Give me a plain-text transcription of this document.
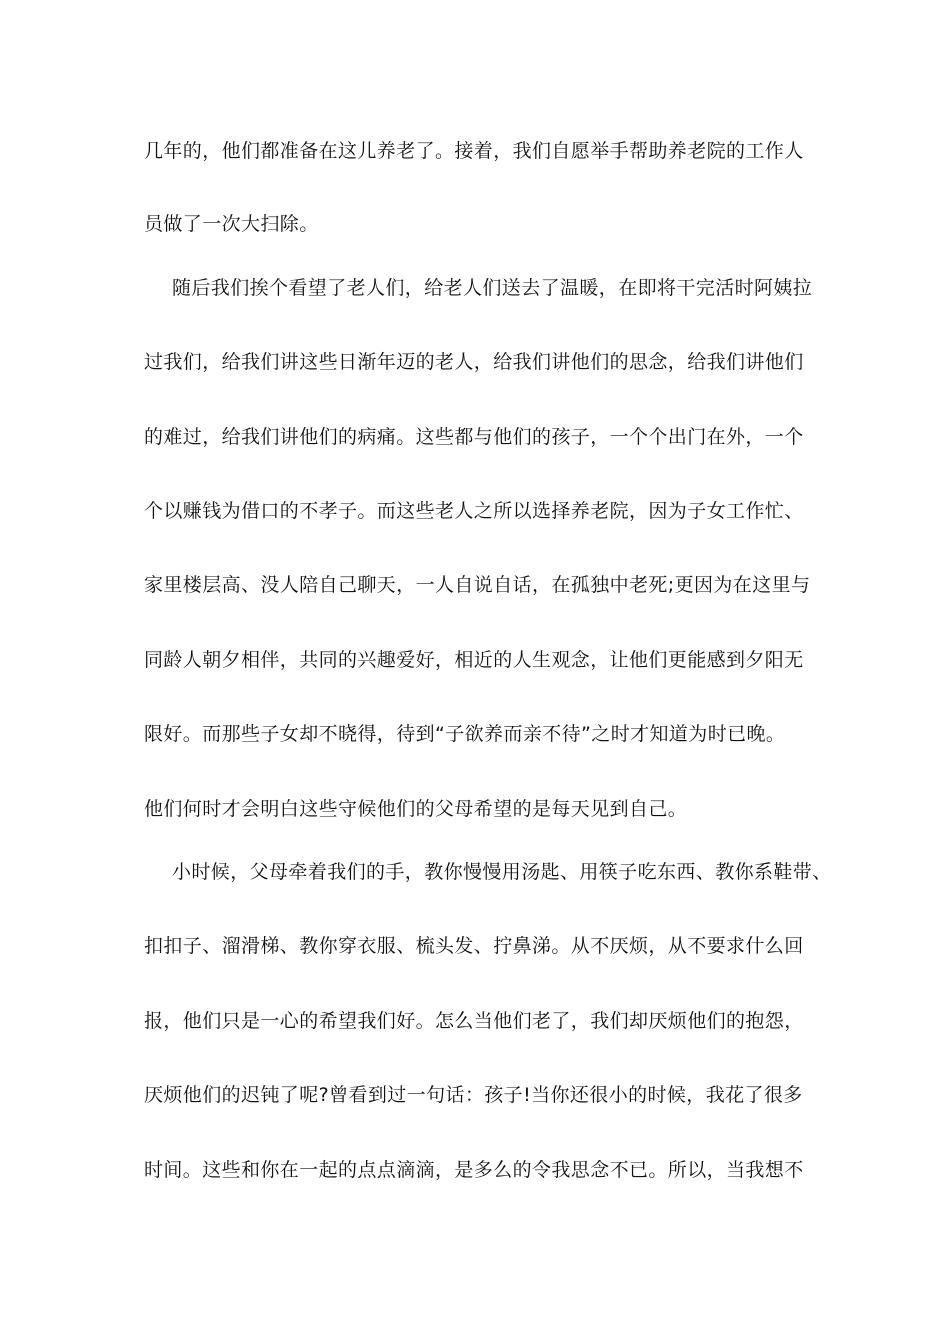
几年的，他们都准备在这儿养老了。接着，我们自愿举手帮助养老院的工作人
员做了一次大扫除。
随后我们挨个看望了老人们，给老人们送去了温暖，在即将干完活时阿姨拉
过我们，给我们讲这些日渐年迈的老人，给我们讲他们的思念，给我们讲他们
的难过，给我们讲他们的病痛。这些都与他们的孩子，一个个出门在外，一个
个以赚钱为借口的不孝子。而这些老人之所以选择养老院，因为子女工作忙、
家里楼层高、没人陪自己聊天，一人自说自话，在孤独中老死;更因为在这里与
同龄人朝夕相伴，共同的兴趣爱好，相近的人生观念，让他们更能感到夕阳无
限好。而那些子女却不晓得，待到“子欲养而亲不待”之时才知道为时已晚。
他们何时才会明白这些守候他们的父母希望的是每天见到自己。
小时候，父母牵着我们的手，教你慢慢用汤匙、用筷子吃东西、教你系鞋带、
扣扣子、溜滑梯、教你穿衣服、梳头发、拧鼻涕。从不厌烦，从不要求什么回
报，他们只是一心的希望我们好。怎么当他们老了，我们却厌烦他们的抱怨，
厌烦他们的迟钝了呢?曾看到过一句话：孩子!当你还很小的时候，我花了很多
时间。这些和你在一起的点点滴滴，是多么的令我思念不已。所以，当我想不
